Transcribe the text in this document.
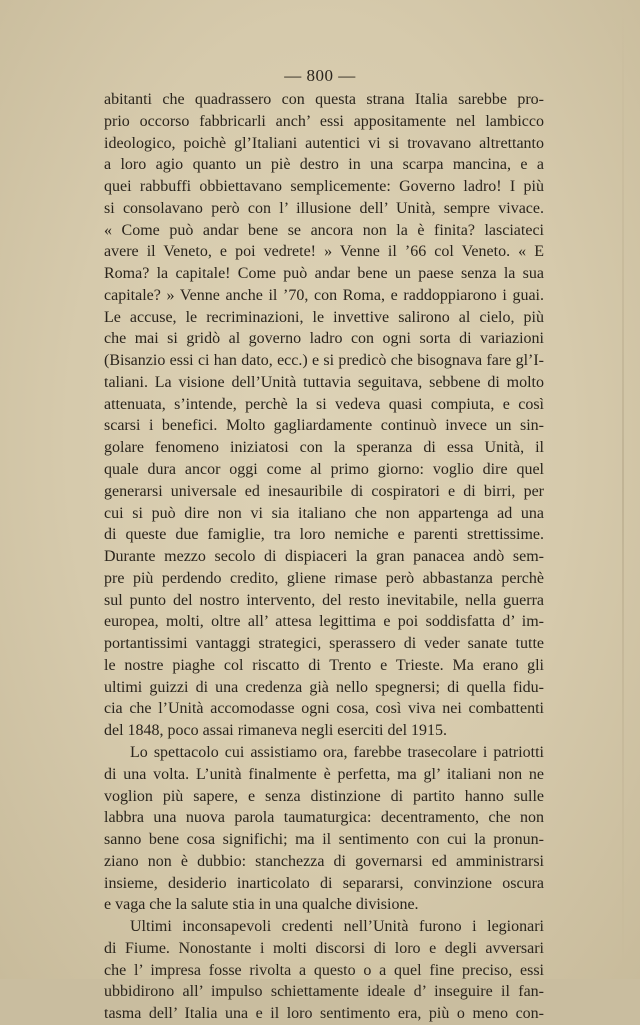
— 800 —
abitanti che quadrassero con questa strana Italia sarebbe pro-
prio occorso fabbricarli anch’ essi appositamente nel lambicco
ideologico, poichè gl’Italiani autentici vi si trovavano altrettanto
a loro agio quanto un piè destro in una scarpa mancina, e a
quei rabbuffi obbiettavano semplicemente: Governo ladro! I più
si consolavano però con l’ illusione dell’ Unità, sempre vivace.
« Come può andar bene se ancora non la è finita? lasciateci
avere il Veneto, e poi vedrete! » Venne il ’66 col Veneto. « E
Roma? la capitale! Come può andar bene un paese senza la sua
capitale? » Venne anche il ’70, con Roma, e raddoppiarono i guai.
Le accuse, le recriminazioni, le invettive salirono al cielo, più
che mai si gridò al governo ladro con ogni sorta di variazioni
(Bisanzio essi ci han dato, ecc.) e si predicò che bisognava fare gl’I-
taliani. La visione dell’Unità tuttavia seguitava, sebbene di molto
attenuata, s’intende, perchè la si vedeva quasi compiuta, e così
scarsi i benefici. Molto gagliardamente continuò invece un sin-
golare fenomeno iniziatosi con la speranza di essa Unità, il
quale dura ancor oggi come al primo giorno: voglio dire quel
generarsi universale ed inesauribile di cospiratori e di birri, per
cui si può dire non vi sia italiano che non appartenga ad una
di queste due famiglie, tra loro nemiche e parenti strettissime.
Durante mezzo secolo di dispiaceri la gran panacea andò sem-
pre più perdendo credito, gliene rimase però abbastanza perchè
sul punto del nostro intervento, del resto inevitabile, nella guerra
europea, molti, oltre all’ attesa legittima e poi soddisfatta d’ im-
portantissimi vantaggi strategici, sperassero di veder sanate tutte
le nostre piaghe col riscatto di Trento e Trieste. Ma erano gli
ultimi guizzi di una credenza già nello spegnersi; di quella fidu-
cia che l’Unità accomodasse ogni cosa, così viva nei combattenti
del 1848, poco assai rimaneva negli eserciti del 1915.
Lo spettacolo cui assistiamo ora, farebbe trasecolare i patriotti
di una volta. L’unità finalmente è perfetta, ma gl’ italiani non ne
voglion più sapere, e senza distinzione di partito hanno sulle
labbra una nuova parola taumaturgica: decentramento, che non
sanno bene cosa significhi; ma il sentimento con cui la pronun-
ziano non è dubbio: stanchezza di governarsi ed amministrarsi
insieme, desiderio inarticolato di separarsi, convinzione oscura
e vaga che la salute stia in una qualche divisione.
Ultimi inconsapevoli credenti nell’Unità furono i legionari
di Fiume. Nonostante i molti discorsi di loro e degli avversari
che l’ impresa fosse rivolta a questo o a quel fine preciso, essi
ubbidirono all’ impulso schiettamente ideale d’ inseguire il fan-
tasma dell’ Italia una e il loro sentimento era, più o meno con-
